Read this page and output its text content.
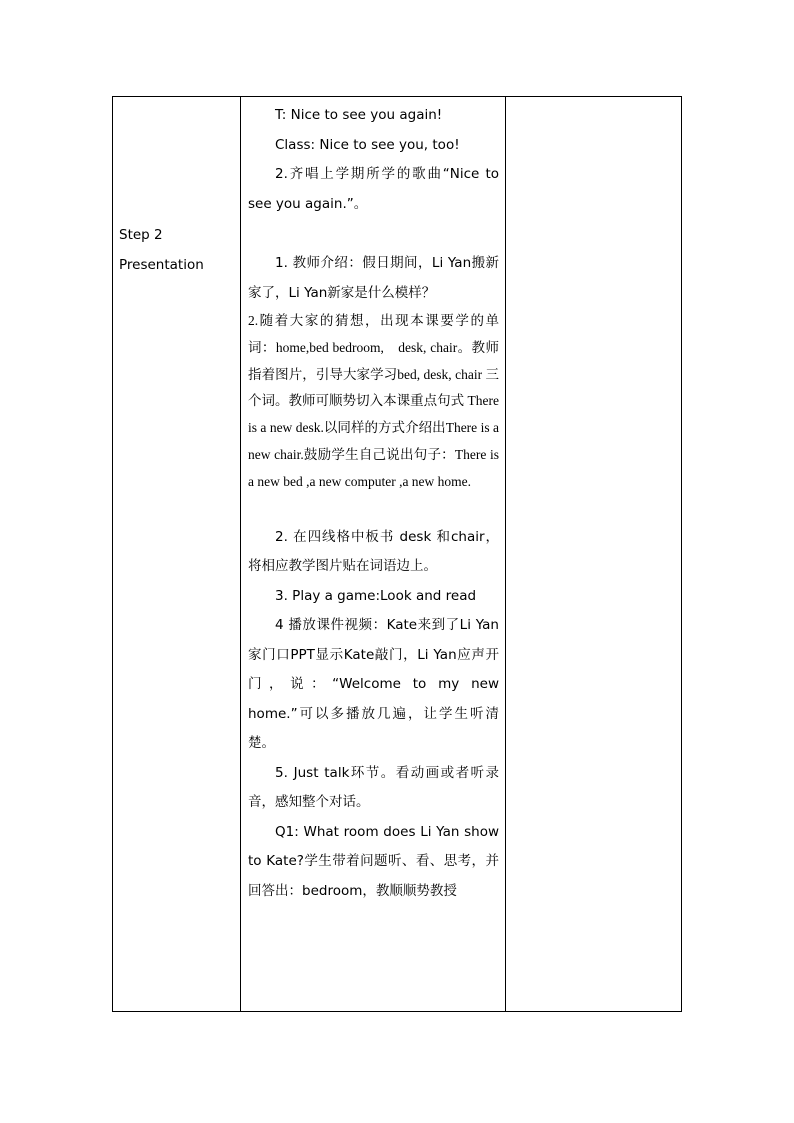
Step 2
Presentation

T: Nice to see you again!

Class: Nice to see you, too!

2.齐唱上学期所学的歌曲“Nice to see you again.”。

1. 教师介绍：假日期间，Li Yan搬新家了，Li Yan新家是什么模样？

2.随着大家的猜想，出现本课要学的单词：home,bed bedroom,　desk, chair。教师指着图片，引导大家学习bed, desk, chair 三个词。教师可顺势切入本课重点句式 There is a new desk.以同样的方式介绍出There is a new chair.鼓励学生自己说出句子：There is a new bed ,a new computer ,a new home.

2. 在四线格中板书 desk 和chair，将相应教学图片贴在词语边上。

3. Play a game:Look and read

4 播放课件视频：Kate来到了Li Yan家门口PPT显示Kate敲门，Li Yan应声开门，说：“Welcome to my new home.”可以多播放几遍，让学生听清楚。

5. Just talk环节。看动画或者听录音，感知整个对话。

Q1: What room does Li Yan show to Kate?学生带着问题听、看、思考，并回答出：bedroom，教顺顺势教授
